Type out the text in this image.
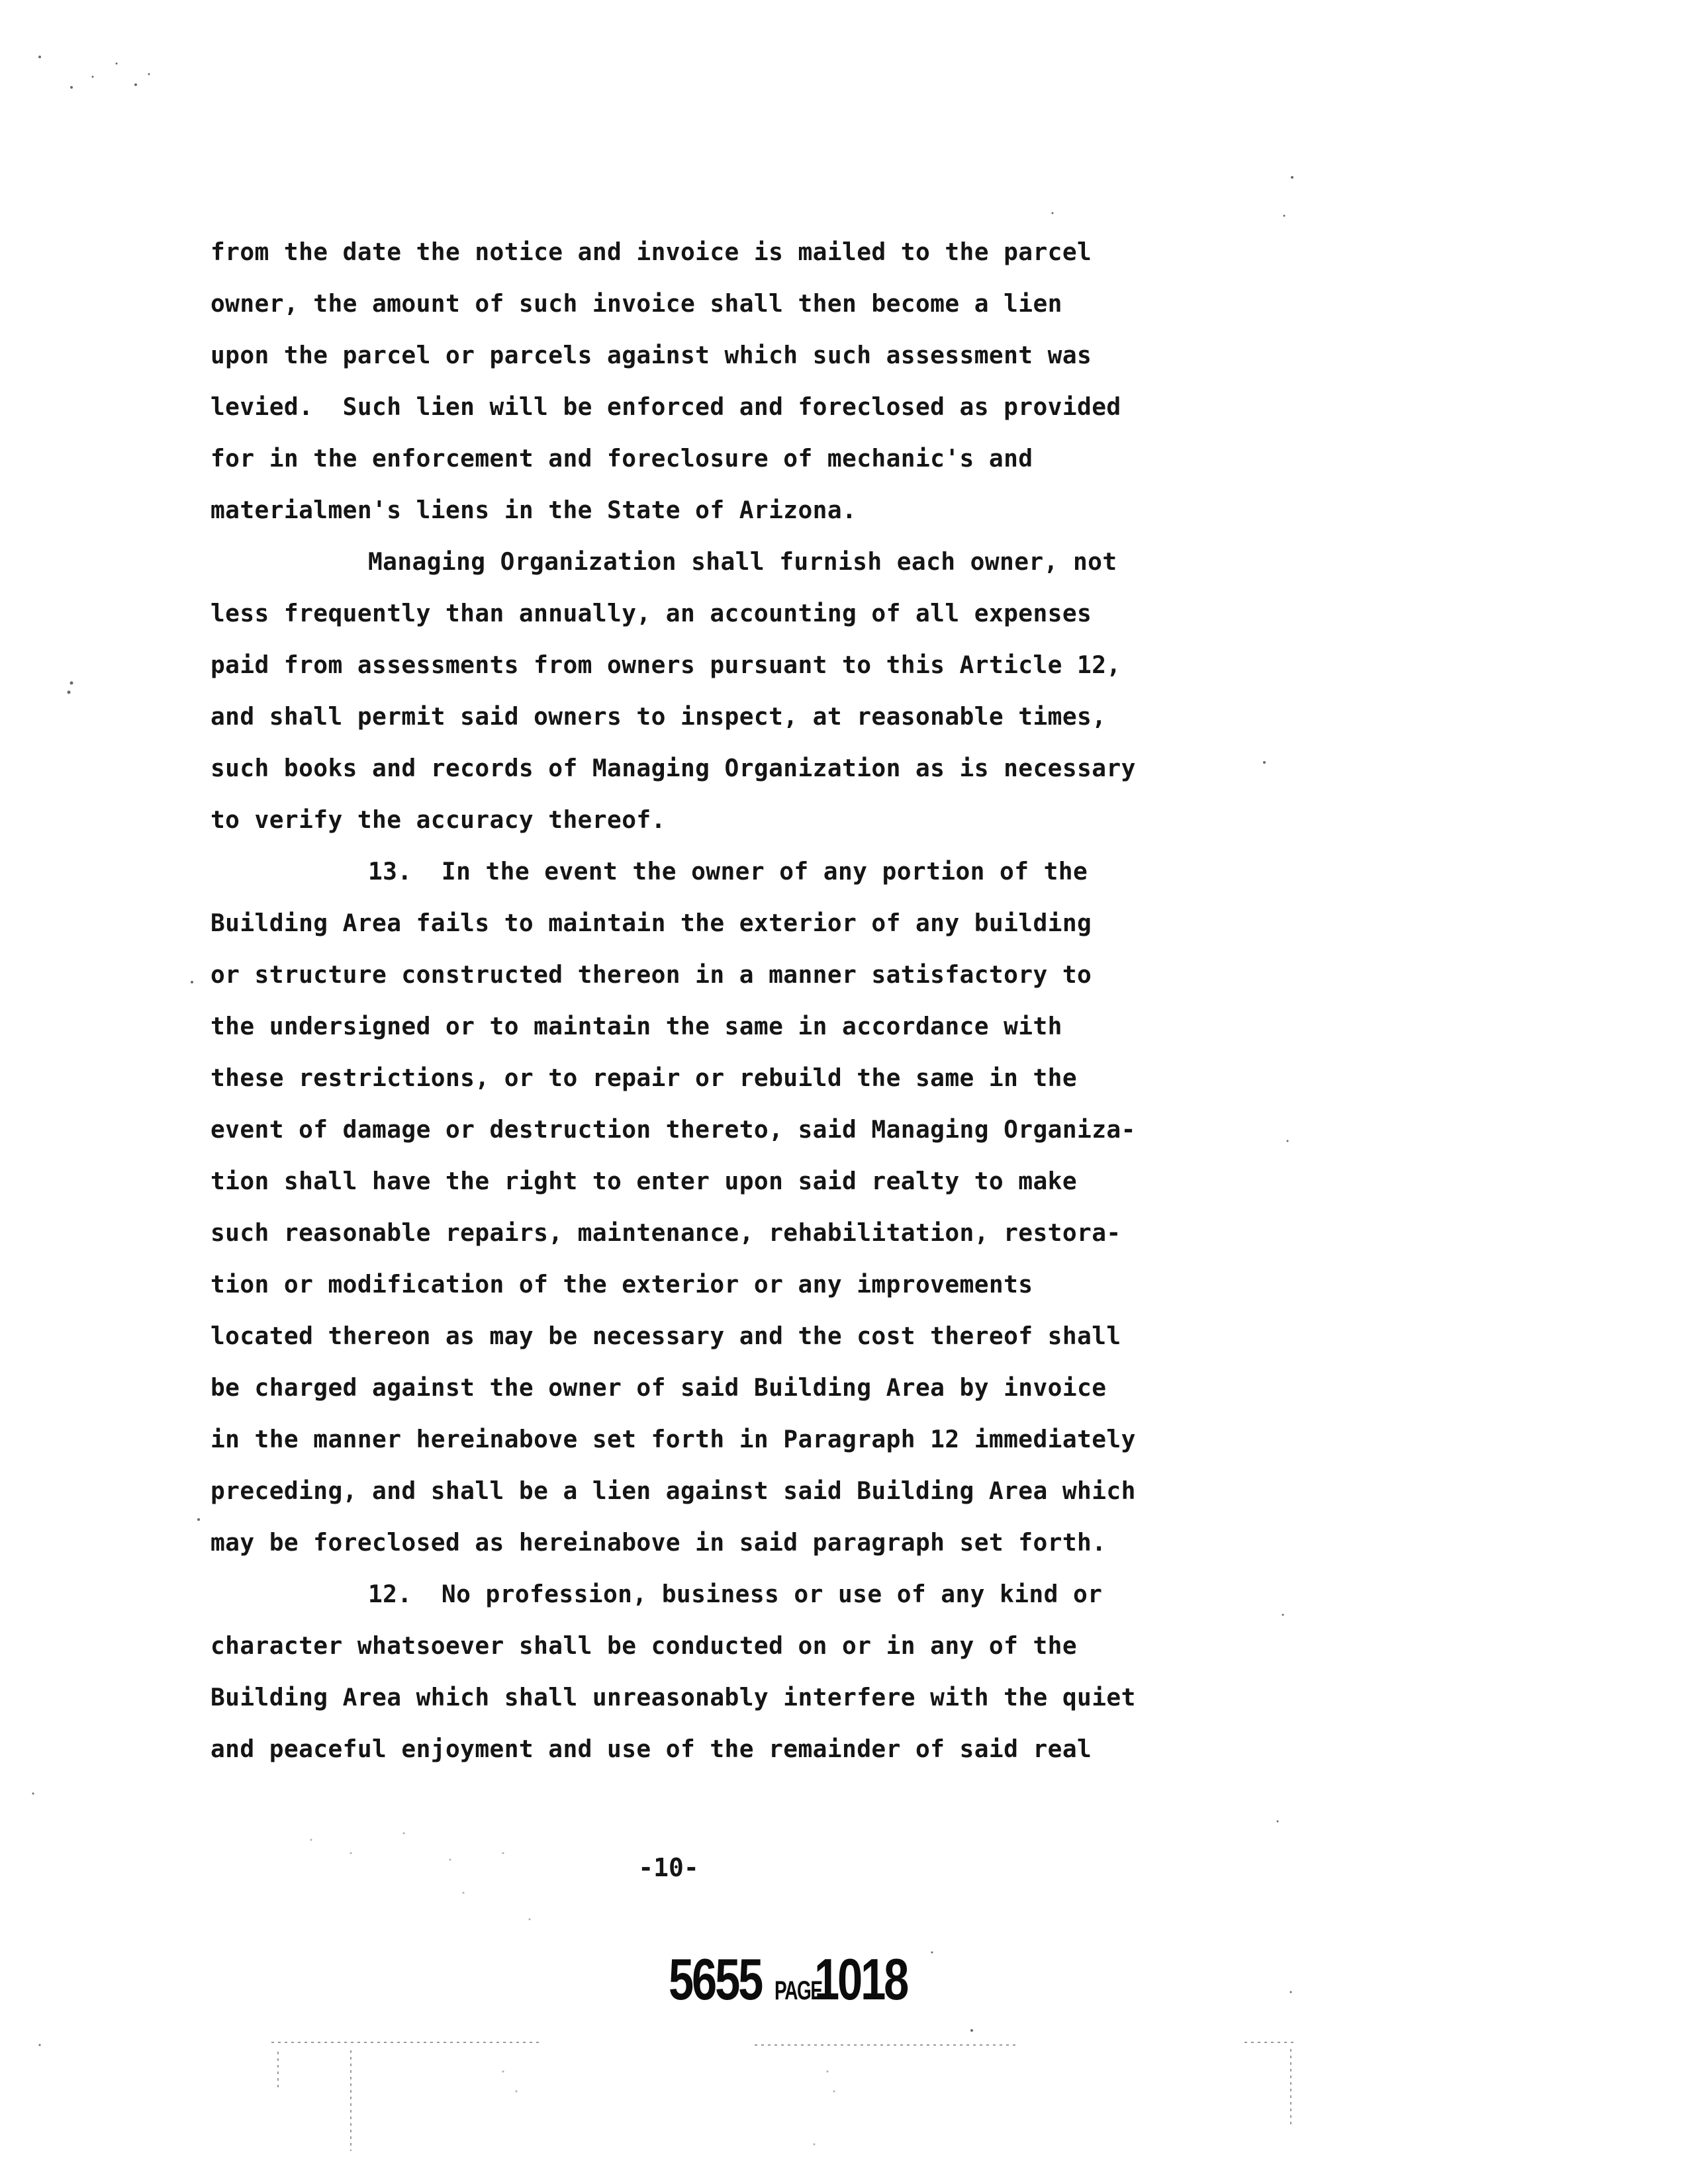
from the date the notice and invoice is mailed to the parcel
owner, the amount of such invoice shall then become a lien
upon the parcel or parcels against which such assessment was
levied.  Such lien will be enforced and foreclosed as provided
for in the enforcement and foreclosure of mechanic's and
materialmen's liens in the State of Arizona.
Managing Organization shall furnish each owner, not
less frequently than annually, an accounting of all expenses
paid from assessments from owners pursuant to this Article 12,
and shall permit said owners to inspect, at reasonable times,
such books and records of Managing Organization as is necessary
to verify the accuracy thereof.
13.  In the event the owner of any portion of the
Building Area fails to maintain the exterior of any building
or structure constructed thereon in a manner satisfactory to
the undersigned or to maintain the same in accordance with
these restrictions, or to repair or rebuild the same in the
event of damage or destruction thereto, said Managing Organiza-
tion shall have the right to enter upon said realty to make
such reasonable repairs, maintenance, rehabilitation, restora-
tion or modification of the exterior or any improvements
located thereon as may be necessary and the cost thereof shall
be charged against the owner of said Building Area by invoice
in the manner hereinabove set forth in Paragraph 12 immediately
preceding, and shall be a lien against said Building Area which
may be foreclosed as hereinabove in said paragraph set forth.
12.  No profession, business or use of any kind or
character whatsoever shall be conducted on or in any of the
Building Area which shall unreasonably interfere with the quiet
and peaceful enjoyment and use of the remainder of said real
-10-
5655 PAGE
1018
